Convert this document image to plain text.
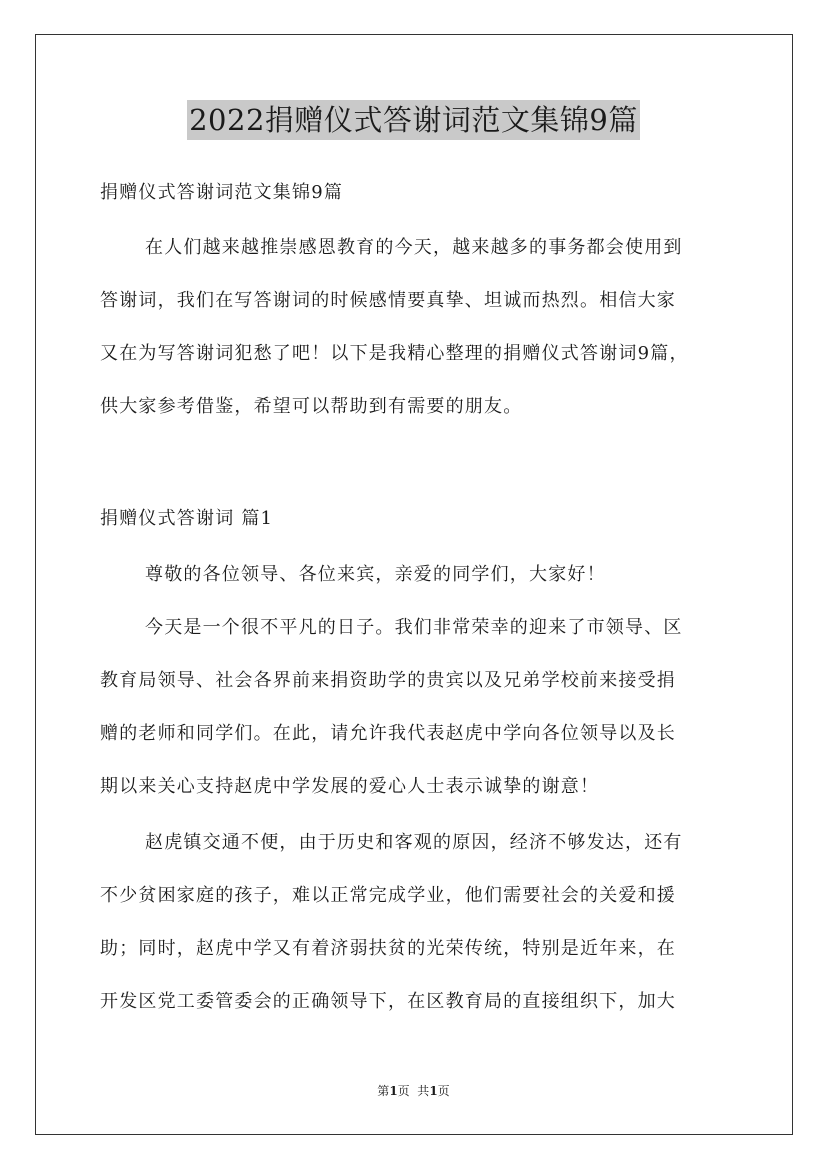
2022捐赠仪式答谢词范文集锦9篇
捐赠仪式答谢词范文集锦9篇
在人们越来越推崇感恩教育的今天，越来越多的事务都会使用到
答谢词，我们在写答谢词的时候感情要真挚、坦诚而热烈。相信大家
又在为写答谢词犯愁了吧！以下是我精心整理的捐赠仪式答谢词9篇，
供大家参考借鉴，希望可以帮助到有需要的朋友。
捐赠仪式答谢词 篇1
尊敬的各位领导、各位来宾，亲爱的同学们，大家好！
今天是一个很不平凡的日子。我们非常荣幸的迎来了市领导、区
教育局领导、社会各界前来捐资助学的贵宾以及兄弟学校前来接受捐
赠的老师和同学们。在此，请允许我代表赵虎中学向各位领导以及长
期以来关心支持赵虎中学发展的爱心人士表示诚挚的谢意！
赵虎镇交通不便，由于历史和客观的原因，经济不够发达，还有
不少贫困家庭的孩子，难以正常完成学业，他们需要社会的关爱和援
助；同时，赵虎中学又有着济弱扶贫的光荣传统，特别是近年来，在
开发区党工委管委会的正确领导下，在区教育局的直接组织下，加大
第1页  共1页
